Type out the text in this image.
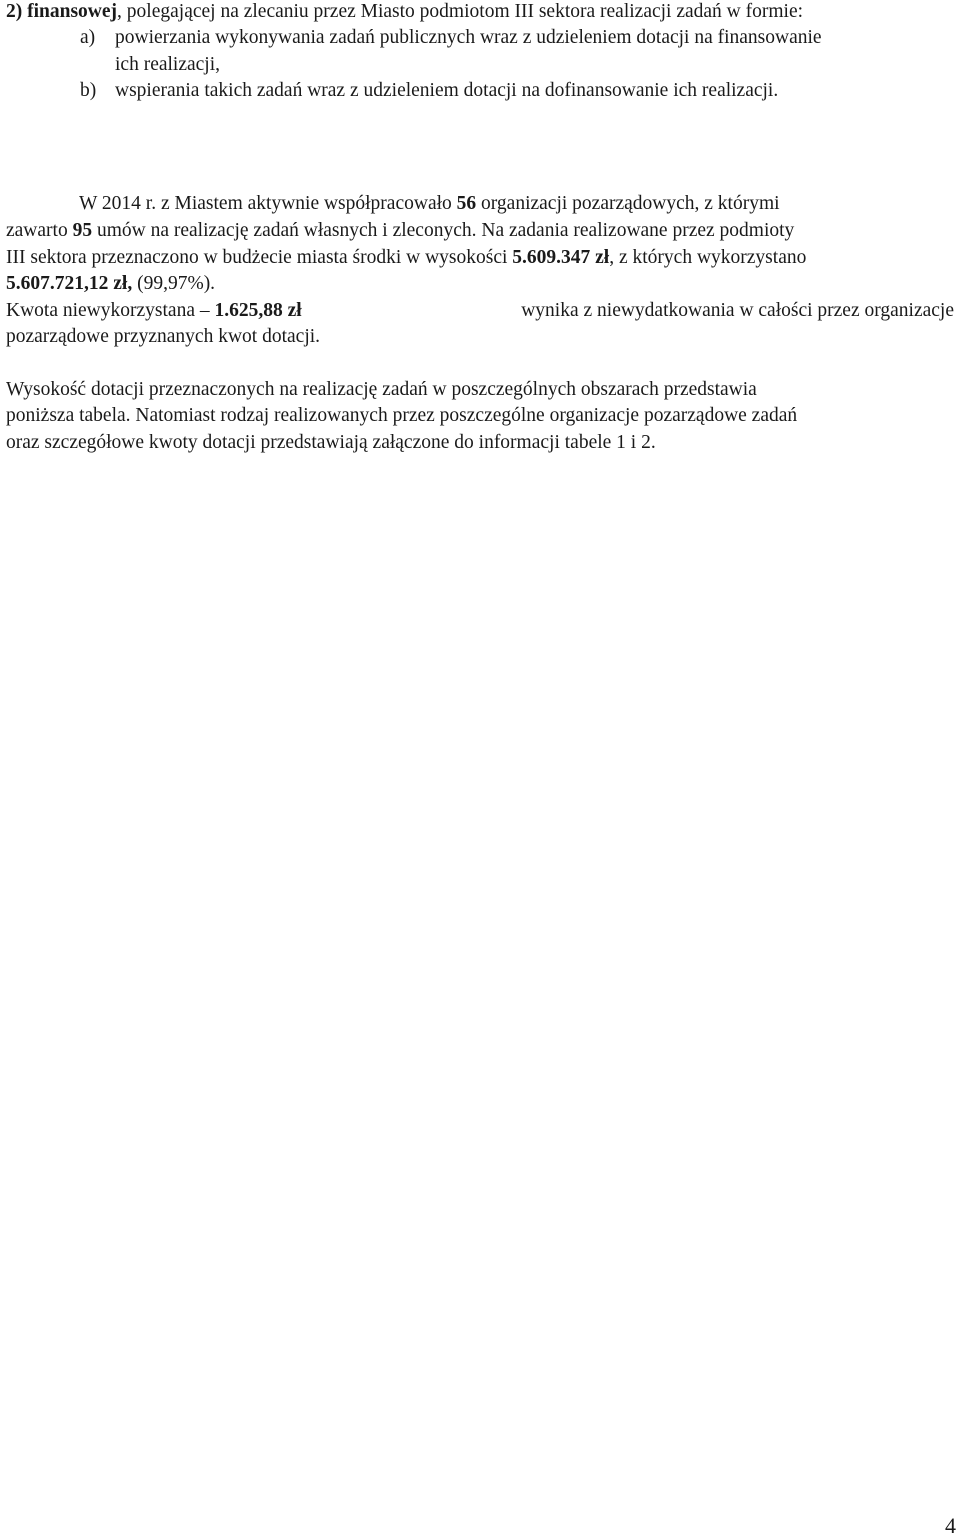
2) finansowej, polegającej na zlecaniu przez Miasto podmiotom III sektora realizacji zadań w formie:
a) powierzania wykonywania zadań publicznych wraz z udzieleniem dotacji na finansowanie
ich realizacji,
b) wspierania takich zadań wraz z udzieleniem dotacji na dofinansowanie ich realizacji.
W 2014 r. z Miastem aktywnie współpracowało 56 organizacji pozarządowych, z którymi
zawarto 95 umów na realizację zadań własnych i zleconych. Na zadania realizowane przez podmioty
III sektora przeznaczono w budżecie miasta środki w wysokości 5.609.347 zł, z których wykorzystano
5.607.721,12 zł, (99,97%).
Kwota niewykorzystana – 1.625,88 zł	wynika z niewydatkowania w całości przez organizacje
pozarządowe przyznanych kwot dotacji.
Wysokość dotacji przeznaczonych na realizację zadań w poszczególnych obszarach przedstawia
poniższa tabela. Natomiast rodzaj realizowanych przez poszczególne organizacje pozarządowe zadań
oraz szczegółowe kwoty dotacji przedstawiają załączone do informacji tabele 1 i 2.
4
